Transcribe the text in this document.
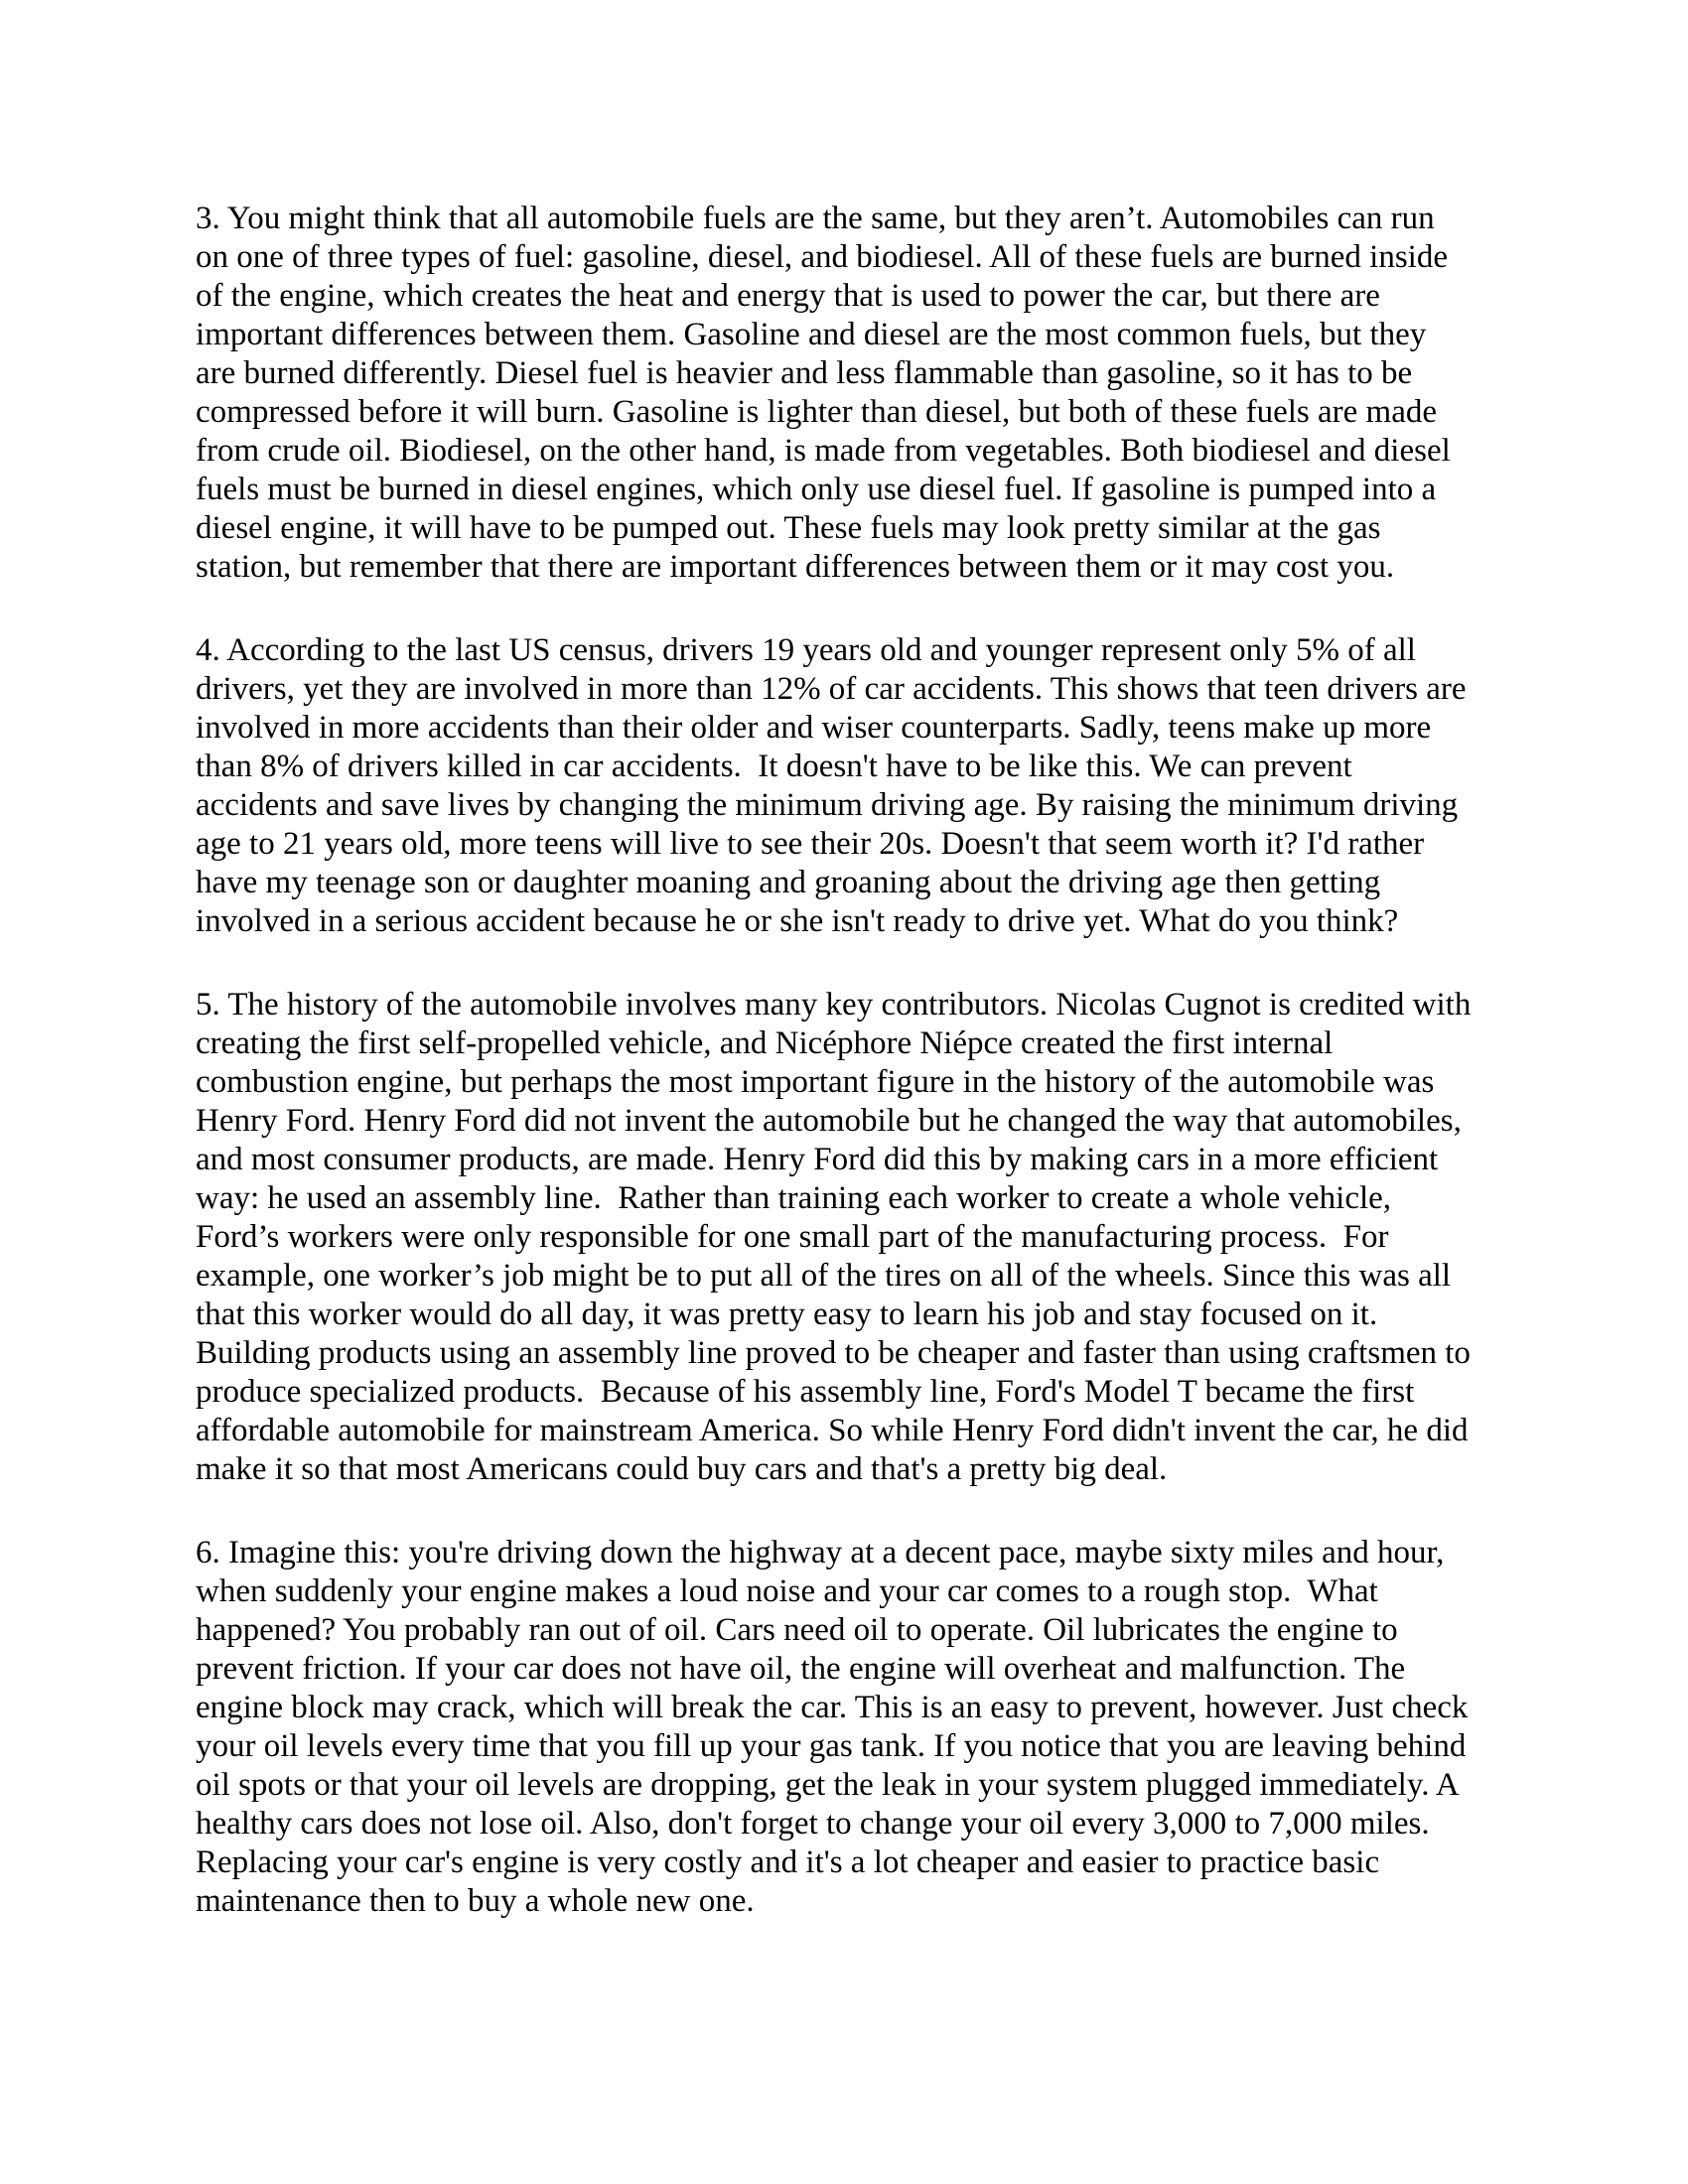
3. You might think that all automobile fuels are the same, but they aren’t. Automobiles can run
on one of three types of fuel: gasoline, diesel, and biodiesel. All of these fuels are burned inside
of the engine, which creates the heat and energy that is used to power the car, but there are
important differences between them. Gasoline and diesel are the most common fuels, but they
are burned differently. Diesel fuel is heavier and less flammable than gasoline, so it has to be
compressed before it will burn. Gasoline is lighter than diesel, but both of these fuels are made
from crude oil. Biodiesel, on the other hand, is made from vegetables. Both biodiesel and diesel
fuels must be burned in diesel engines, which only use diesel fuel. If gasoline is pumped into a
diesel engine, it will have to be pumped out. These fuels may look pretty similar at the gas
station, but remember that there are important differences between them or it may cost you.
4. According to the last US census, drivers 19 years old and younger represent only 5% of all
drivers, yet they are involved in more than 12% of car accidents. This shows that teen drivers are
involved in more accidents than their older and wiser counterparts. Sadly, teens make up more
than 8% of drivers killed in car accidents.  It doesn't have to be like this. We can prevent
accidents and save lives by changing the minimum driving age. By raising the minimum driving
age to 21 years old, more teens will live to see their 20s. Doesn't that seem worth it? I'd rather
have my teenage son or daughter moaning and groaning about the driving age then getting
involved in a serious accident because he or she isn't ready to drive yet. What do you think?
5. The history of the automobile involves many key contributors. Nicolas Cugnot is credited with
creating the first self-propelled vehicle, and Nicéphore Niépce created the first internal
combustion engine, but perhaps the most important figure in the history of the automobile was
Henry Ford. Henry Ford did not invent the automobile but he changed the way that automobiles,
and most consumer products, are made. Henry Ford did this by making cars in a more efficient
way: he used an assembly line.  Rather than training each worker to create a whole vehicle,
Ford’s workers were only responsible for one small part of the manufacturing process.  For
example, one worker’s job might be to put all of the tires on all of the wheels. Since this was all
that this worker would do all day, it was pretty easy to learn his job and stay focused on it.
Building products using an assembly line proved to be cheaper and faster than using craftsmen to
produce specialized products.  Because of his assembly line, Ford's Model T became the first
affordable automobile for mainstream America. So while Henry Ford didn't invent the car, he did
make it so that most Americans could buy cars and that's a pretty big deal.
6. Imagine this: you're driving down the highway at a decent pace, maybe sixty miles and hour,
when suddenly your engine makes a loud noise and your car comes to a rough stop.  What
happened? You probably ran out of oil. Cars need oil to operate. Oil lubricates the engine to
prevent friction. If your car does not have oil, the engine will overheat and malfunction. The
engine block may crack, which will break the car. This is an easy to prevent, however. Just check
your oil levels every time that you fill up your gas tank. If you notice that you are leaving behind
oil spots or that your oil levels are dropping, get the leak in your system plugged immediately. A
healthy cars does not lose oil. Also, don't forget to change your oil every 3,000 to 7,000 miles.
Replacing your car's engine is very costly and it's a lot cheaper and easier to practice basic
maintenance then to buy a whole new one.
